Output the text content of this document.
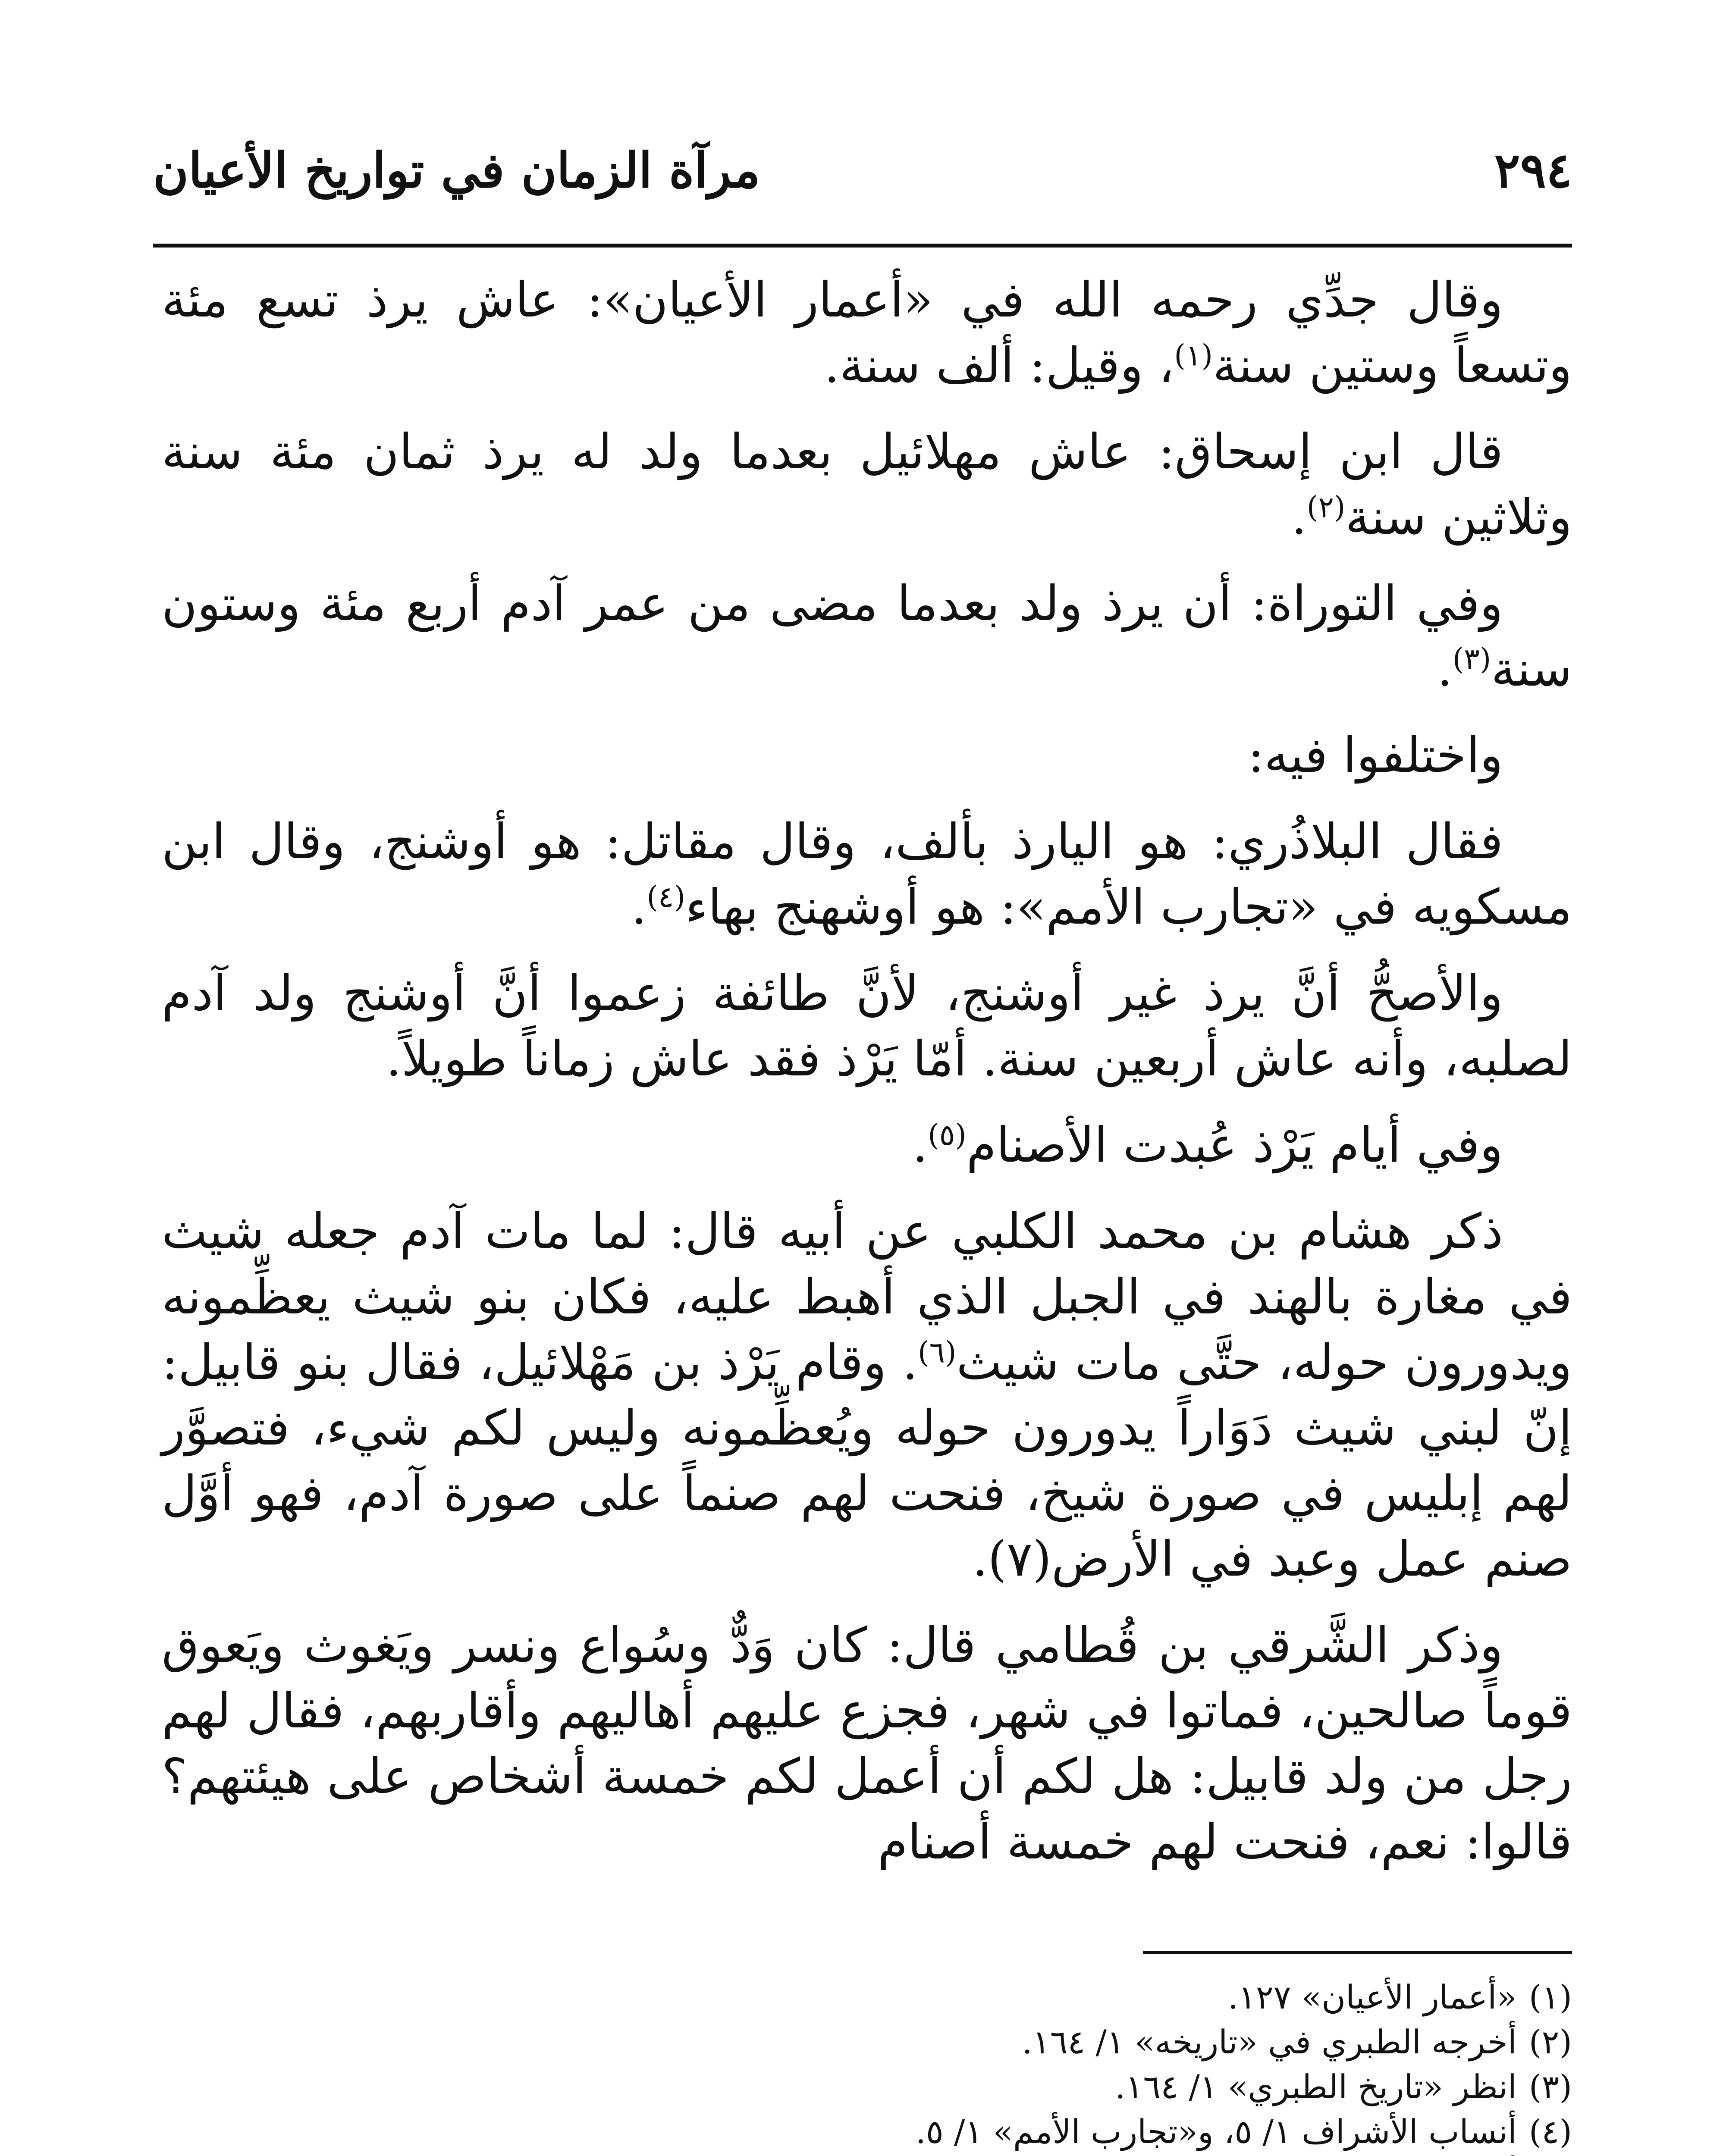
٢٩٤
مرآة الزمان في تواريخ الأعيان

وقال جدِّي رحمه الله في «أعمار الأعيان»: عاش يرذ تسع مئة وتسعاً وستين سنة$^{(١)}$، وقيل: ألف سنة.

قال ابن إسحاق: عاش مهلائيل بعدما ولد له يرذ ثمان مئة سنة وثلاثين سنة$^{(٢)}$.

وفي التوراة: أن يرذ ولد بعدما مضى من عمر آدم أربع مئة وستون سنة$^{(٣)}$.

واختلفوا فيه:

فقال البلاذُري: هو اليارذ بألف، وقال مقاتل: هو أوشنج، وقال ابن مسكويه في «تجارب الأمم»: هو أوشهنج بهاء$^{(٤)}$.

والأصحُّ أنَّ يرذ غير أوشنج، لأنَّ طائفة زعموا أنَّ أوشنج ولد آدم لصلبه، وأنه عاش أربعين سنة. أمّا يَرْذ فقد عاش زماناً طويلاً.

وفي أيام يَرْذ عُبدت الأصنام$^{(٥)}$.

ذكر هشام بن محمد الكلبي عن أبيه قال: لما مات آدم جعله شيث في مغارة بالهند في الجبل الذي أهبط عليه، فكان بنو شيث يعظِّمونه ويدورون حوله، حتَّى مات شيث$^{(٦)}$. وقام يَرْذ بن مَهْلائيل، فقال بنو قابيل: إنّ لبني شيث دَوَاراً يدورون حوله ويُعظِّمونه وليس لكم شيء، فتصوَّر لهم إبليس في صورة شيخ، فنحت لهم صنماً على صورة آدم، فهو أوَّل صنم عمل وعبد في الأرض(٧).

وذكر الشَّرقي بن قُطامي قال: كان وَدٌّ وسُواع ونسر ويَغوث ويَعوق قوماً صالحين، فماتوا في شهر، فجزع عليهم أهاليهم وأقاربهم، فقال لهم رجل من ولد قابيل: هل لكم أن أعمل لكم خمسة أشخاص على هيئتهم؟ قالوا: نعم، فنحت لهم خمسة أصنام

(١)«أعمار الأعيان» ١٢٧.
(٢)أخرجه الطبري في «تاريخه» ١/ ١٦٤.
(٣)انظر «تاريخ الطبري» ١/ ١٦٤.
(٤)أنساب الأشراف ١/ ٥، و«تجارب الأمم» ١/ ٥.
